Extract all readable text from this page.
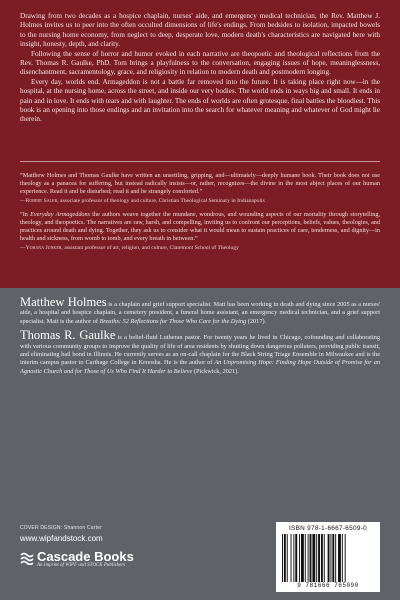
Drawing from two decades as a hospice chaplain, nurses' aide, and emergency medical technician, the Rev. Matthew J. Holmes invites us to peer into the often occulted dimensions of life's endings. From bedsides to isolation, impacted bowels to the nursing home economy, from neglect to deep, desperate love, modern death's characteristics are navigated here with insight, honesty, depth, and clarity.

Following the sense of horror and humor evoked in each narrative are theopoetic and theological reflections from the Rev. Thomas R. Gaulke, PhD. Tom brings a playfulness to the conversation, engaging issues of hope, meaninglessness, disenchantment, sacramentology, grace, and religiosity in relation to modern death and postmodern longing.

Every day, worlds end. Armageddon is not a battle far removed into the future. It is taking place right now—in the hospital, at the nursing home, across the street, and inside our very bodies. The world ends in ways big and small. It ends in pain and in love. It ends with tears and with laughter. The ends of worlds are often grotesque, final battles the bloodiest. This book is an opening into those endings and an invitation into the search for whatever meaning and whatever of God might lie therein.

“Matthew Holmes and Thomas Gaulke have written an unsettling, gripping, and—ultimately—deeply humane book. Their book does not use theology as a panacea for suffering, but instead radically insists—or, rather, recognizes—the divine in the most abject places of our human experience. Read it and be disturbed; read it and be strangely comforted.”

—Robert Saler, associate professor of theology and culture, Christian Theological Seminary in Indianapolis

“In Everyday Armageddons the authors weave together the mundane, wondrous, and wounding aspects of our mortality through storytelling, theology, and theopoetics. The narratives are raw, harsh, and compelling, inviting us to confront our perceptions, beliefs, values, theologies, and practices around death and dying. Together, they ask us to consider what it would mean to sustain practices of care, tenderness, and dignity—in health and sickness, from womb to tomb, and every breath in between.”

—Yohana Junker, assistant professor of art, religion, and culture, Claremont School of Theology

Matthew Holmes is a chaplain and grief support specialist. Matt has been working in death and dying since 2005 as a nurses' aide, a hospital and hospice chaplain, a cemetery president, a funeral home assistant, an emergency medical technician, and a grief support specialist. Matt is the author of Breaths: 52 Reflections for Those Who Care for the Dying (2017).

Thomas R. Gaulke is a belief-fluid Lutheran pastor. For twenty years he lived in Chicago, cofounding and collaborating with various community groups to improve the quality of life of area residents by shutting down dangerous polluters, providing public transit, and eliminating bail bond in Illinois. He currently serves as an on-call chaplain for the Black String Triage Ensemble in Milwaukee and is the interim campus pastor to Carthage College in Kenosha. He is the author of An Unpromising Hope: Finding Hope Outside of Promise for an Agnostic Church and for Those of Us Who Find It Harder to Believe (Pickwick, 2021).

COVER DESIGN: Shannon Carter
www.wipfandstock.com
Cascade Books
An Imprint of WIPF and STOCK Publishers
ISBN 978-1-6667-6509-0
9 781666 765090
